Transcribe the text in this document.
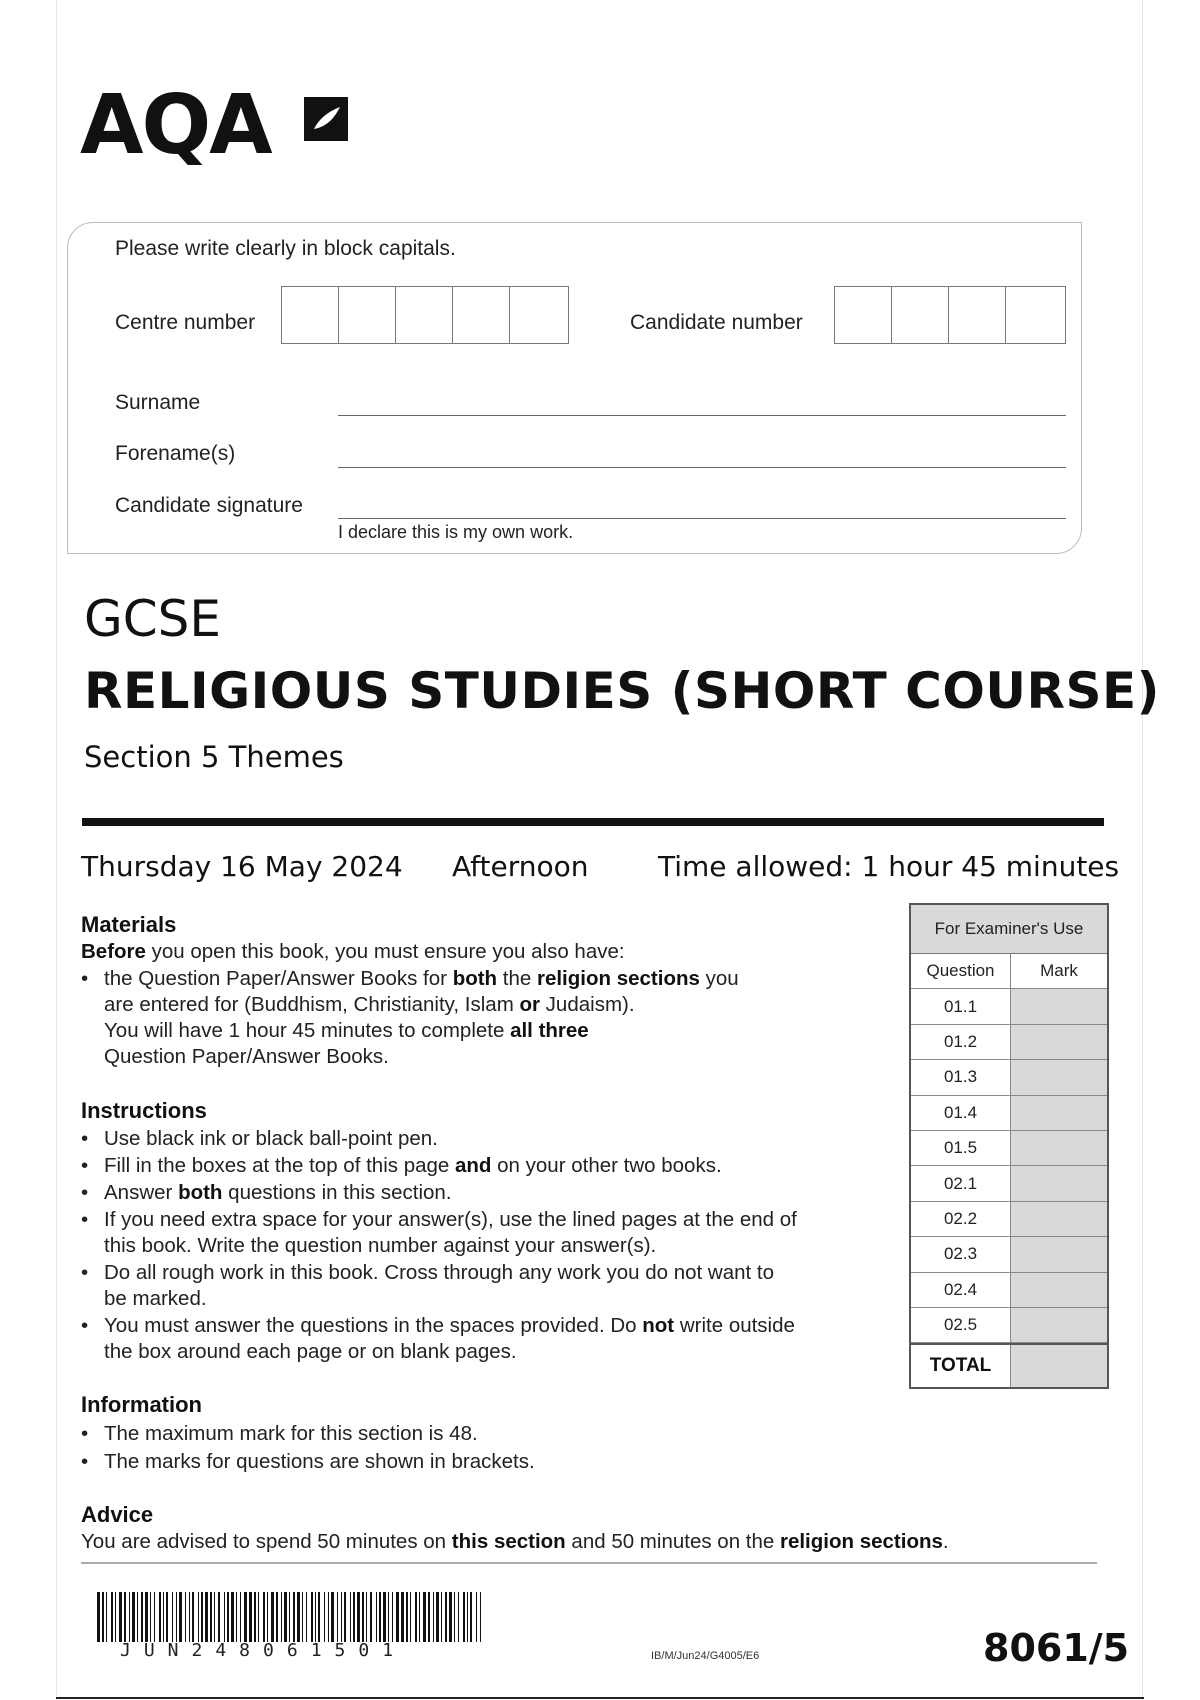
AQA
Please write clearly in block capitals.
Centre number	Candidate number
Surname
Forename(s)
Candidate signature
I declare this is my own work.
GCSE
RELIGIOUS STUDIES (SHORT COURSE)
Section 5 Themes
Thursday 16 May 2024 Afternoon Time allowed: 1 hour 45 minutes
Materials
Before you open this book, you must ensure you also have:
• the Question Paper/Answer Books for both the religion sections you
are entered for (Buddhism, Christianity, Islam or Judaism).
You will have 1 hour 45 minutes to complete all three
Question Paper/Answer Books.
Instructions
• Use black ink or black ball-point pen.
• Fill in the boxes at the top of this page and on your other two books.
• Answer both questions in this section.
• If you need extra space for your answer(s), use the lined pages at the end of
this book. Write the question number against your answer(s).
• Do all rough work in this book. Cross through any work you do not want to
be marked.
• You must answer the questions in the spaces provided. Do not write outside
the box around each page or on blank pages.
Information
• The maximum mark for this section is 48.
• The marks for questions are shown in brackets.
Advice
You are advised to spend 50 minutes on this section and 50 minutes on the religion sections.
For Examiner's Use
Question	Mark
01.1
01.2
01.3
01.4
01.5
02.1
02.2
02.3
02.4
02.5
TOTAL
JUN248061501	IB/M/Jun24/G4005/E6	8061/5
